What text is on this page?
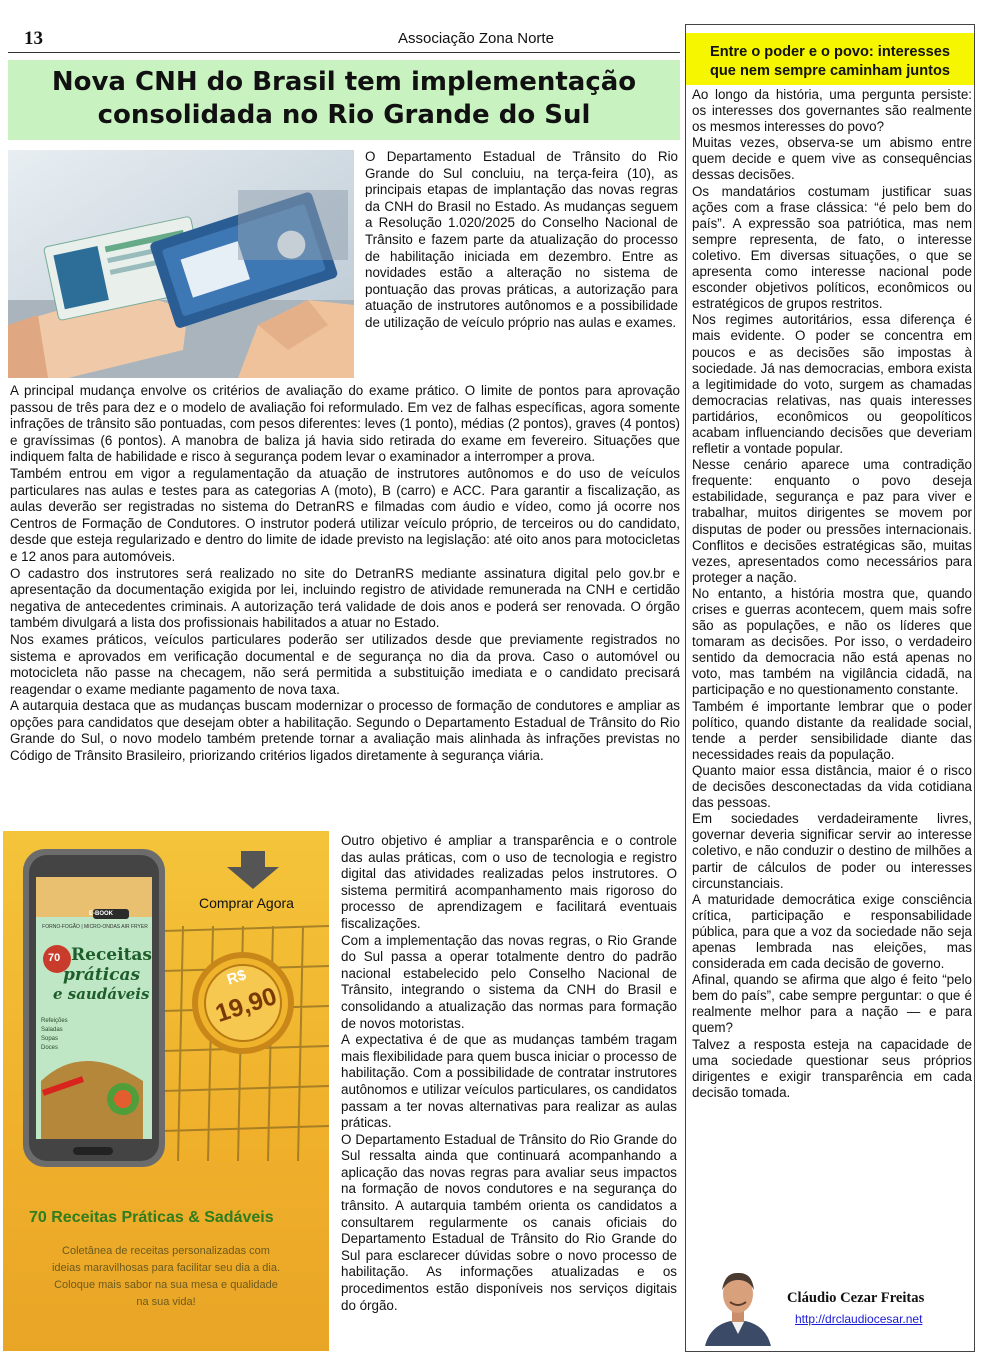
13	Associação Zona Norte
Nova CNH do Brasil tem implementação
consolidada no Rio Grande do Sul
O Departamento Estadual de Trânsito do Rio Grande do Sul concluiu, na terça-feira (10), as principais etapas de implantação das novas regras da CNH do Brasil no Estado. As mudanças seguem a Resolução 1.020/2025 do Conselho Nacional de Trânsito e fazem parte da atualização do processo de habilitação iniciada em dezembro. Entre as novidades estão a alteração no sistema de pontuação das provas práticas, a autorização para atuação de instrutores autônomos e a possibilidade de utilização de veículo próprio nas aulas e exames.

A principal mudança envolve os critérios de avaliação do exame prático. O limite de pontos para aprovação passou de três para dez e o modelo de avaliação foi reformulado. Em vez de falhas específicas, agora somente infrações de trânsito são pontuadas, com pesos diferentes: leves (1 ponto), médias (2 pontos), graves (4 pontos) e gravíssimas (6 pontos). A manobra de baliza já havia sido retirada do exame em fevereiro. Situações que indiquem falta de habilidade e risco à segurança podem levar o examinador a interromper a prova.

Também entrou em vigor a regulamentação da atuação de instrutores autônomos e do uso de veículos particulares nas aulas e testes para as categorias A (moto), B (carro) e ACC. Para garantir a fiscalização, as aulas deverão ser registradas no sistema do DetranRS e filmadas com áudio e vídeo, como já ocorre nos Centros de Formação de Condutores. O instrutor poderá utilizar veículo próprio, de terceiros ou do candidato, desde que esteja regularizado e dentro do limite de idade previsto na legislação: até oito anos para motocicletas e 12 anos para automóveis.

O cadastro dos instrutores será realizado no site do DetranRS mediante assinatura digital pelo gov.br e apresentação da documentação exigida por lei, incluindo registro de atividade remunerada na CNH e certidão negativa de antecedentes criminais. A autorização terá validade de dois anos e poderá ser renovada. O órgão também divulgará a lista dos profissionais habilitados a atuar no Estado.

Nos exames práticos, veículos particulares poderão ser utilizados desde que previamente registrados no sistema e aprovados em verificação documental e de segurança no dia da prova. Caso o automóvel ou motocicleta não passe na checagem, não será permitida a substituição imediata e o candidato precisará reagendar o exame mediante pagamento de nova taxa.

A autarquia destaca que as mudanças buscam modernizar o processo de formação de condutores e ampliar as opções para candidatos que desejam obter a habilitação. Segundo o Departamento Estadual de Trânsito do Rio Grande do Sul, o novo modelo também pretende tornar a avaliação mais alinhada às infrações previstas no Código de Trânsito Brasileiro, priorizando critérios ligados diretamente à segurança viária.

Comprar Agora
E-BOOK
FORNO-FOGÃO | MICRO-ONDAS AIR FRYER
70 Receitas
práticas
e saudáveis
Refeições
Saladas
Sopas
Doces
R$
19,90
70 Receitas Práticas & Sadáveis
Coletânea de receitas personalizadas com
ideias maravilhosas para facilitar seu dia a dia.
Coloque mais sabor na sua mesa e qualidade
na sua vida!

Outro objetivo é ampliar a transparência e o controle das aulas práticas, com o uso de tecnologia e registro digital das atividades realizadas pelos instrutores. O sistema permitirá acompanhamento mais rigoroso do processo de aprendizagem e facilitará eventuais fiscalizações.

Com a implementação das novas regras, o Rio Grande do Sul passa a operar totalmente dentro do padrão nacional estabelecido pelo Conselho Nacional de Trânsito, integrando o sistema da CNH do Brasil e consolidando a atualização das normas para formação de novos motoristas.

A expectativa é de que as mudanças também tragam mais flexibilidade para quem busca iniciar o processo de habilitação. Com a possibilidade de contratar instrutores autônomos e utilizar veículos particulares, os candidatos passam a ter novas alternativas para realizar as aulas práticas.

O Departamento Estadual de Trânsito do Rio Grande do Sul ressalta ainda que continuará acompanhando a aplicação das novas regras para avaliar seus impactos na formação de novos condutores e na segurança do trânsito. A autarquia também orienta os candidatos a consultarem regularmente os canais oficiais do Departamento Estadual de Trânsito do Rio Grande do Sul para esclarecer dúvidas sobre o novo processo de habilitação. As informações atualizadas e os procedimentos estão disponíveis nos serviços digitais do órgão.

Entre o poder e o povo: interesses
que nem sempre caminham juntos

Ao longo da história, uma pergunta persiste: os interesses dos governantes são realmente os mesmos interesses do povo?

Muitas vezes, observa-se um abismo entre quem decide e quem vive as consequências dessas decisões.

Os mandatários costumam justificar suas ações com a frase clássica: “é pelo bem do país”. A expressão soa patriótica, mas nem sempre representa, de fato, o interesse coletivo. Em diversas situações, o que se apresenta como interesse nacional pode esconder objetivos políticos, econômicos ou estratégicos de grupos restritos.

Nos regimes autoritários, essa diferença é mais evidente. O poder se concentra em poucos e as decisões são impostas à sociedade. Já nas democracias, embora exista a legitimidade do voto, surgem as chamadas democracias relativas, nas quais interesses partidários, econômicos ou geopolíticos acabam influenciando decisões que deveriam refletir a vontade popular.

Nesse cenário aparece uma contradição frequente: enquanto o povo deseja estabilidade, segurança e paz para viver e trabalhar, muitos dirigentes se movem por disputas de poder ou pressões internacionais. Conflitos e decisões estratégicas são, muitas vezes, apresentados como necessários para proteger a nação.

No entanto, a história mostra que, quando crises e guerras acontecem, quem mais sofre são as populações, e não os líderes que tomaram as decisões. Por isso, o verdadeiro sentido da democracia não está apenas no voto, mas também na vigilância cidadã, na participação e no questionamento constante.

Também é importante lembrar que o poder político, quando distante da realidade social, tende a perder sensibilidade diante das necessidades reais da população.

Quanto maior essa distância, maior é o risco de decisões desconectadas da vida cotidiana das pessoas.

Em sociedades verdadeiramente livres, governar deveria significar servir ao interesse coletivo, e não conduzir o destino de milhões a partir de cálculos de poder ou interesses circunstanciais.

A maturidade democrática exige consciência crítica, participação e responsabilidade pública, para que a voz da sociedade não seja apenas lembrada nas eleições, mas considerada em cada decisão de governo.

Afinal, quando se afirma que algo é feito “pelo bem do país”, cabe sempre perguntar: o que é realmente melhor para a nação — e para quem?

Talvez a resposta esteja na capacidade de uma sociedade questionar seus próprios dirigentes e exigir transparência em cada decisão tomada.

Cláudio Cezar Freitas
http://drclaudiocesar.net
